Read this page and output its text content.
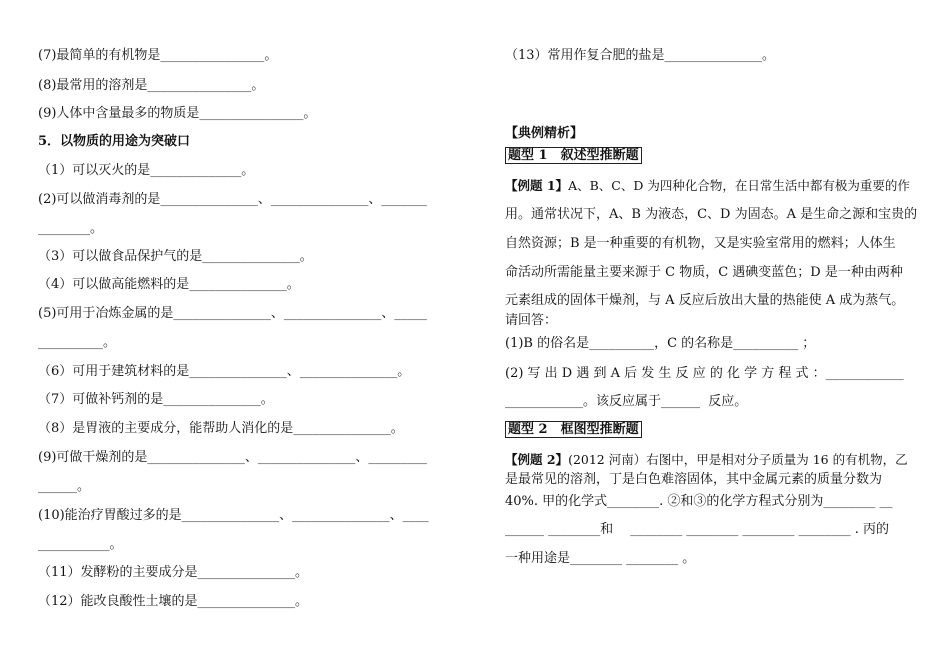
(7)最简单的有机物是________________。
(8)最常用的溶剂是________________。
(9)人体中含量最多的物质是________________。
5．以物质的用途为突破口
（1）可以灭火的是______________。
(2)可以做消毒剂的是_______________、_______________、_______
________。
（3）可以做食品保护气的是_______________。
（4）可以做高能燃料的是_______________。
(5)可用于冶炼金属的是_______________、_______________、_____
__________。
（6）可用于建筑材料的是_______________、_______________。
（7）可做补钙剂的是_______________。
（8）是胃液的主要成分，能帮助人消化的是_______________。
(9)可做干燥剂的是_______________、_______________、_________
______。
(10)能治疗胃酸过多的是_______________、_______________、____
___________。
（11）发酵粉的主要成分是_______________。
（12）能改良酸性土壤的是_______________。
（13）常用作复合肥的盐是_______________。
【典例精析】
题型 1　叙述型推断题
【例题 1】A、B、C、D 为四种化合物，在日常生活中都有极为重要的作
用。通常状况下，A、B 为液态，C、D 为固态。A 是生命之源和宝贵的
自然资源；B 是一种重要的有机物，又是实验室常用的燃料；人体生
命活动所需能量主要来源于 C 物质，C 遇碘变蓝色；D 是一种由两种
元素组成的固体干燥剂，与 A 反应后放出大量的热能使 A 成为蒸气。
请回答：
(1)B 的俗名是__________，C 的名称是__________ ；
(2) 写 出 D 遇 到 A 后 发 生 反 应 的 化 学 方 程 式 ：____________
____________。该反应属于______  反应。
题型 2　框图型推断题
【例题 2】(2012 河南）右图中，甲是相对分子质量为 16 的有机物，乙
是最常见的溶剂，丁是白色难溶固体，其中金属元素的质量分数为
40%. 甲的化学式________. ②和③的化学方程式分别为________ __
______ ________和　 ________ ________ ________ ________ . 丙的
一种用途是________ ________ 。
